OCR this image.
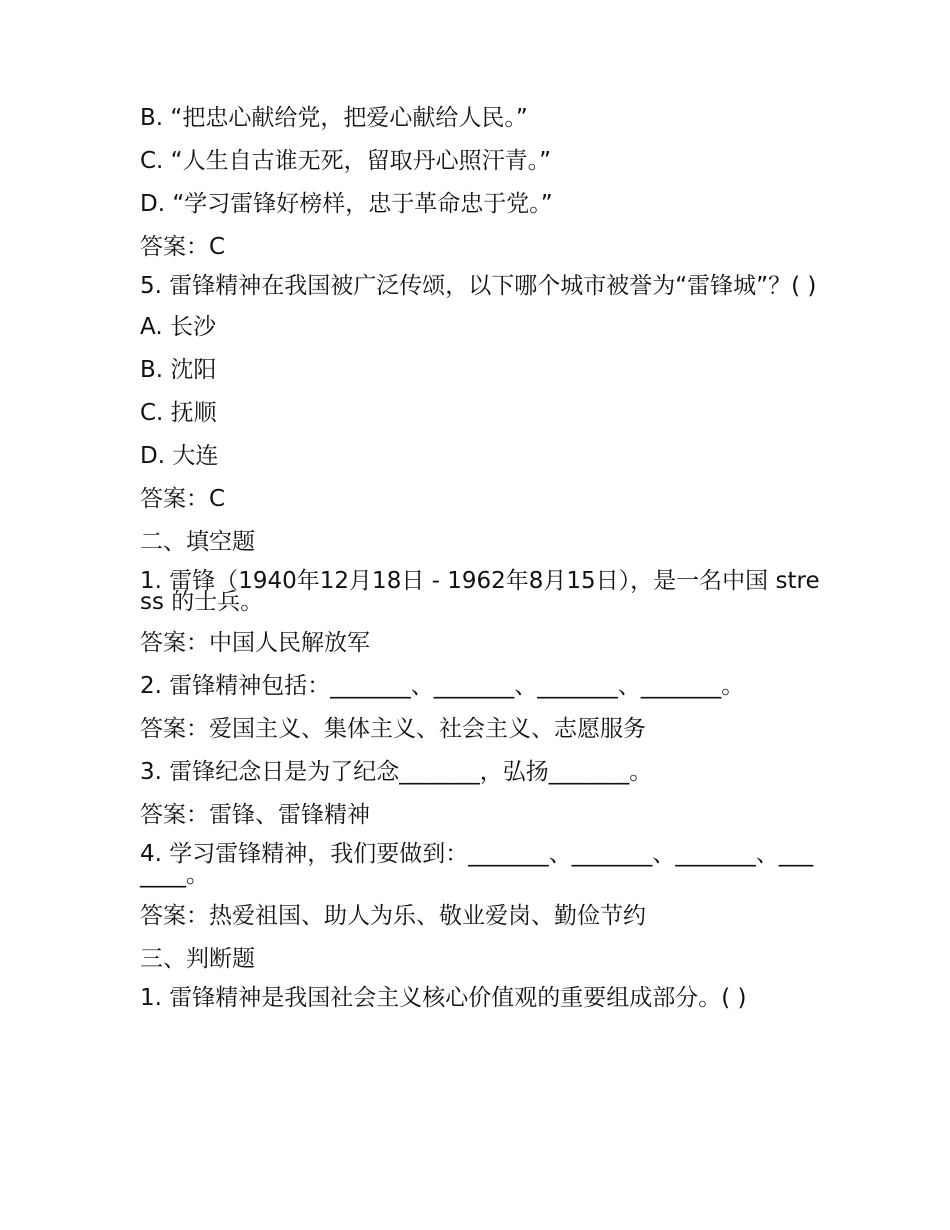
B. “把忠心献给党，把爱心献给人民。”
C. “人生自古谁无死，留取丹心照汗青。”
D. “学习雷锋好榜样，忠于革命忠于党。”
答案：C
5. 雷锋精神在我国被广泛传颂，以下哪个城市被誉为“雷锋城”？( )
A. 长沙
B. 沈阳
C. 抚顺
D. 大连
答案：C
二、填空题
1. 雷锋（1940年12月18日 - 1962年8月15日），是一名中国 stress 的士兵。
答案：中国人民解放军
2. 雷锋精神包括：_______、_______、_______、_______。
答案：爱国主义、集体主义、社会主义、志愿服务
3. 雷锋纪念日是为了纪念_______，弘扬_______。
答案：雷锋、雷锋精神
4. 学习雷锋精神，我们要做到：_______、_______、_______、_______。
答案：热爱祖国、助人为乐、敬业爱岗、勤俭节约
三、判断题
1. 雷锋精神是我国社会主义核心价值观的重要组成部分。( )
